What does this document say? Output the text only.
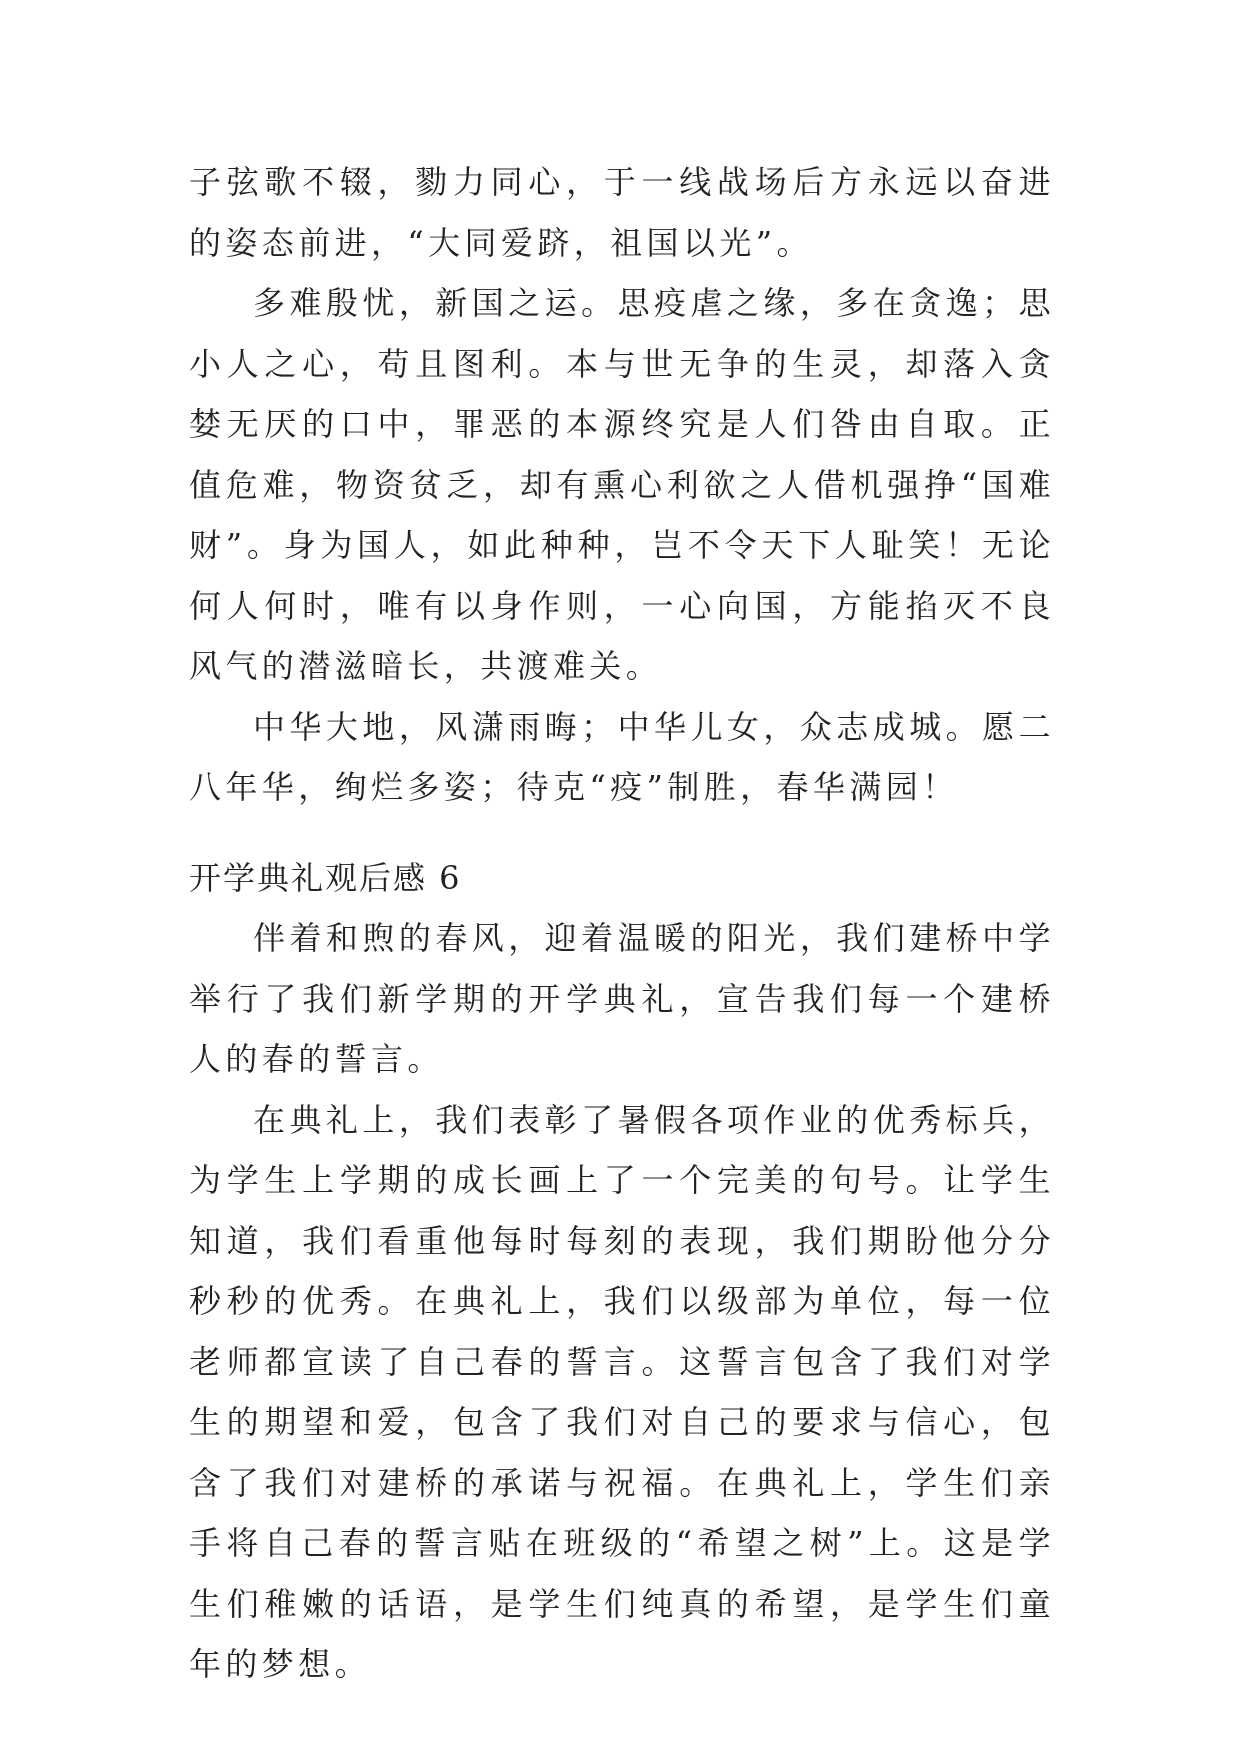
子弦歌不辍，勠力同心，于一线战场后方永远以奋进的姿态前进，“大同爱跻，祖国以光”。

多难殷忧，新国之运。思疫虐之缘，多在贪逸；思小人之心，苟且图利。本与世无争的生灵，却落入贪婪无厌的口中，罪恶的本源终究是人们咎由自取。正值危难，物资贫乏，却有熏心利欲之人借机强挣“国难财”。身为国人，如此种种，岂不令天下人耻笑！无论何人何时，唯有以身作则，一心向国，方能掐灭不良风气的潜滋暗长，共渡难关。

中华大地，风潇雨晦；中华儿女，众志成城。愿二八年华，绚烂多姿；待克“疫”制胜，春华满园！

开学典礼观后感 6

伴着和煦的春风，迎着温暖的阳光，我们建桥中学举行了我们新学期的开学典礼，宣告我们每一个建桥人的春的誓言。

在典礼上，我们表彰了暑假各项作业的优秀标兵，为学生上学期的成长画上了一个完美的句号。让学生知道，我们看重他每时每刻的表现，我们期盼他分分秒秒的优秀。在典礼上，我们以级部为单位，每一位老师都宣读了自己春的誓言。这誓言包含了我们对学生的期望和爱，包含了我们对自己的要求与信心，包含了我们对建桥的承诺与祝福。在典礼上，学生们亲手将自己春的誓言贴在班级的“希望之树”上。这是学生们稚嫩的话语，是学生们纯真的希望，是学生们童年的梦想。
